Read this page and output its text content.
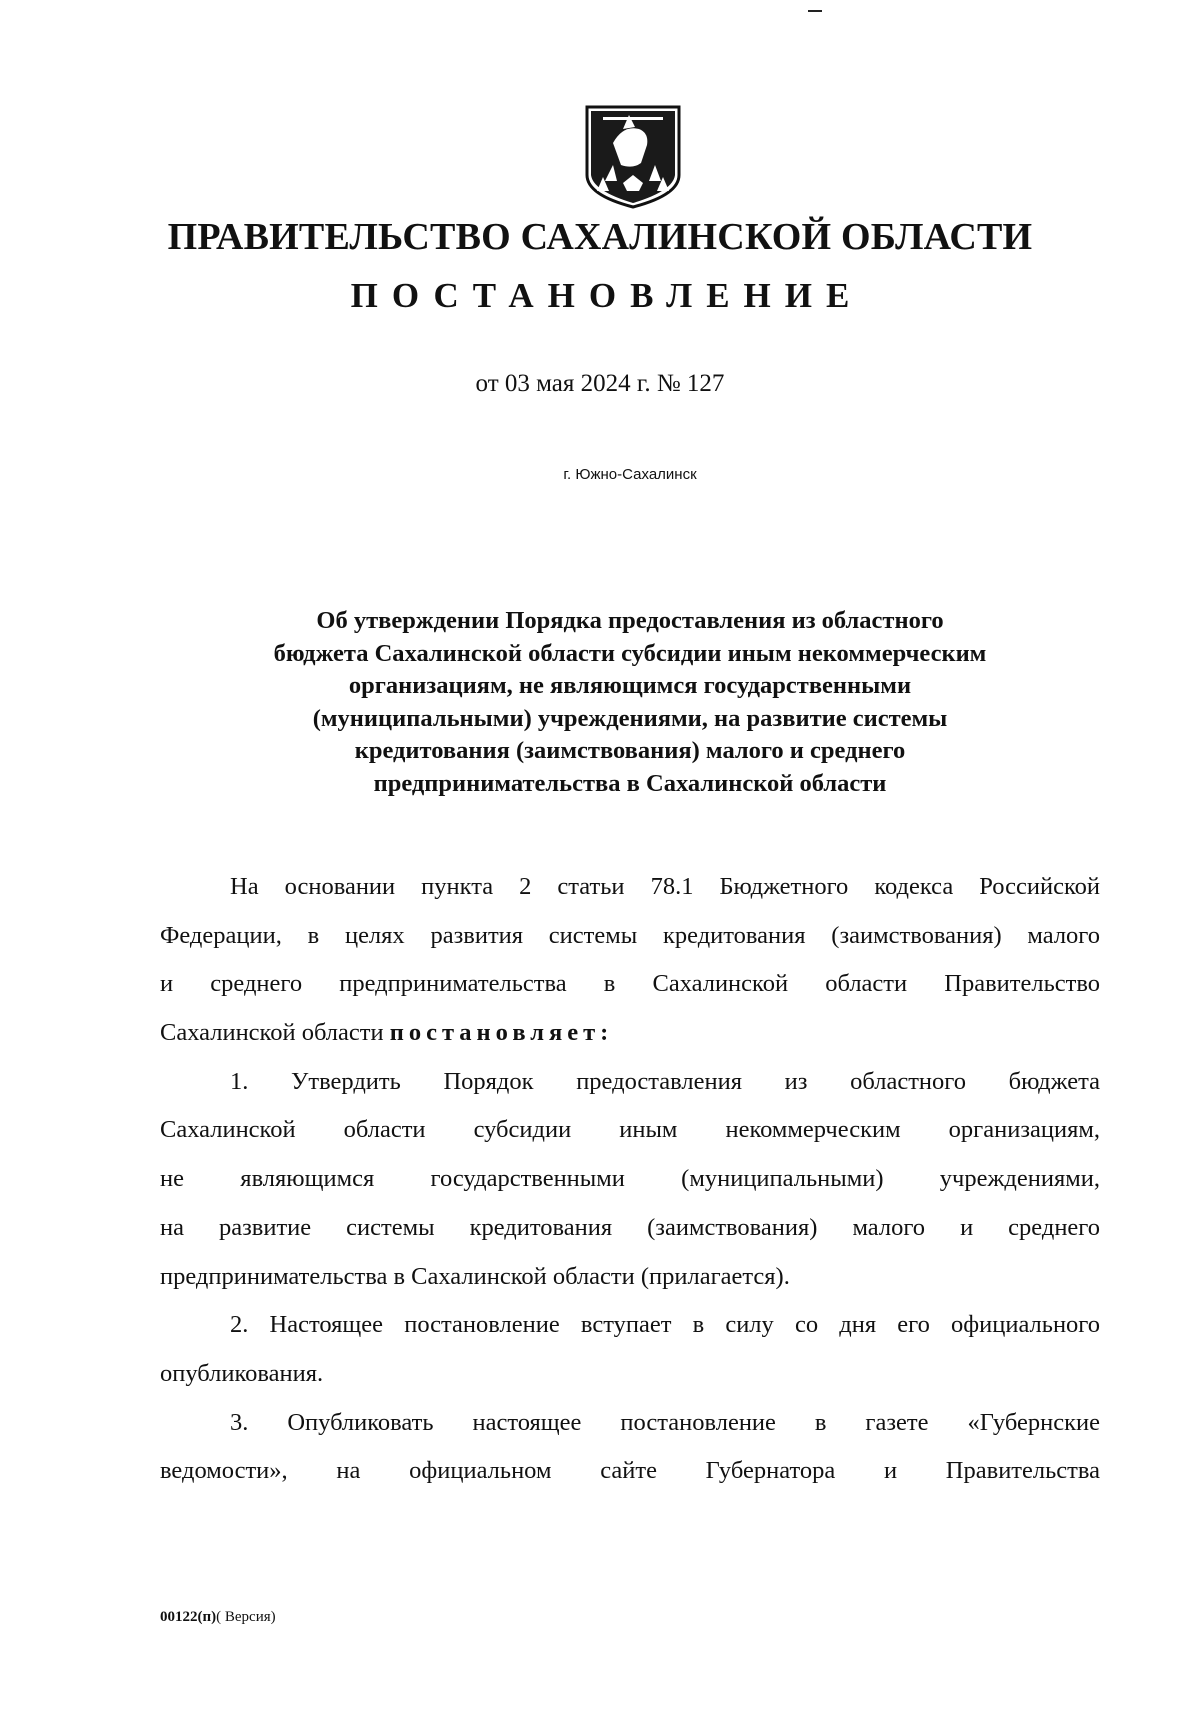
ПРАВИТЕЛЬСТВО САХАЛИНСКОЙ ОБЛАСТИ
ПОСТАНОВЛЕНИЕ

от 03 мая 2024 г. № 127

г. Южно-Сахалинск

Об утверждении Порядка предоставления из областного
бюджета Сахалинской области субсидии иным некоммерческим
организациям, не являющимся государственными
(муниципальными) учреждениями, на развитие системы
кредитования (заимствования) малого и среднего
предпринимательства в Сахалинской области
На основании пункта 2 статьи 78.1 Бюджетного кодекса Российской
Федерации, в целях развития системы кредитования (заимствования) малого
и среднего предпринимательства в Сахалинской области Правительство
Сахалинской области постановляет:
1. Утвердить Порядок предоставления из областного бюджета
Сахалинской области субсидии иным некоммерческим организациям,
не являющимся государственными (муниципальными) учреждениями,
на развитие системы кредитования (заимствования) малого и среднего
предпринимательства в Сахалинской области (прилагается).
2. Настоящее постановление вступает в силу со дня его официального
опубликования.
3. Опубликовать настоящее постановление в газете «Губернские
ведомости», на официальном сайте Губернатора и Правительства

00122(п)( Версия)
